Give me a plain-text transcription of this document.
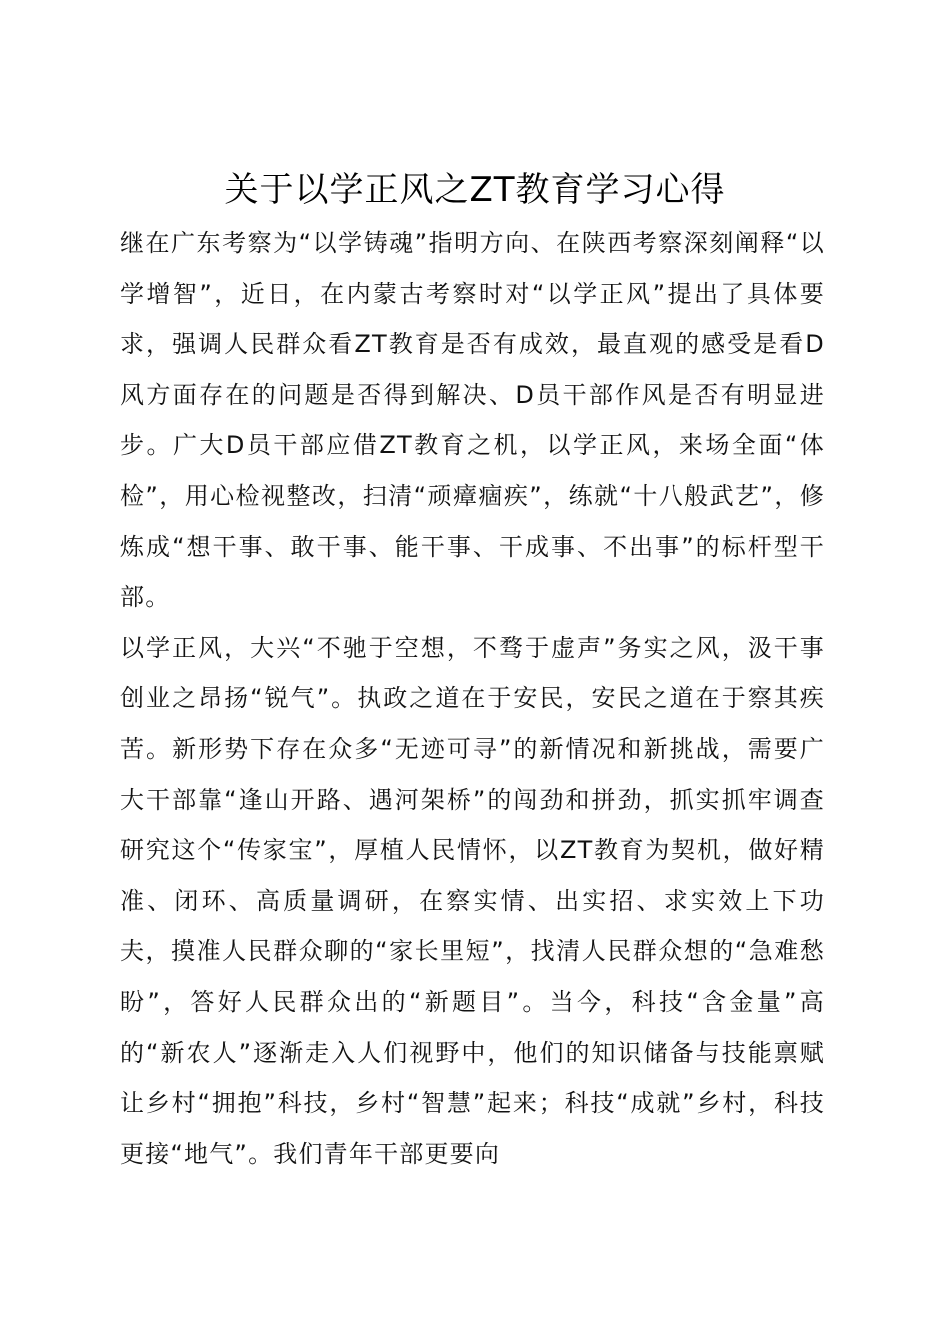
关于以学正风之ZT教育学习心得

继在广东考察为“以学铸魂”指明方向、在陕西考察深刻阐释“以学增智”，近日，在内蒙古考察时对“以学正风”提出了具体要求，强调人民群众看ZT教育是否有成效，最直观的感受是看D风方面存在的问题是否得到解决、D员干部作风是否有明显进步。广大D员干部应借ZT教育之机，以学正风，来场全面“体检”，用心检视整改，扫清“顽瘴痼疾”，练就“十八般武艺”，修炼成“想干事、敢干事、能干事、干成事、不出事”的标杆型干部。

以学正风，大兴“不驰于空想，不骛于虚声”务实之风，汲干事创业之昂扬“锐气”。执政之道在于安民，安民之道在于察其疾苦。新形势下存在众多“无迹可寻”的新情况和新挑战，需要广大干部靠“逢山开路、遇河架桥”的闯劲和拼劲，抓实抓牢调查研究这个“传家宝”，厚植人民情怀，以ZT教育为契机，做好精准、闭环、高质量调研，在察实情、出实招、求实效上下功夫，摸准人民群众聊的“家长里短”，找清人民群众想的“急难愁盼”，答好人民群众出的“新题目”。当今，科技“含金量”高的“新农人”逐渐走入人们视野中，他们的知识储备与技能禀赋让乡村“拥抱”科技，乡村“智慧”起来；科技“成就”乡村，科技更接“地气”。我们青年干部更要向
